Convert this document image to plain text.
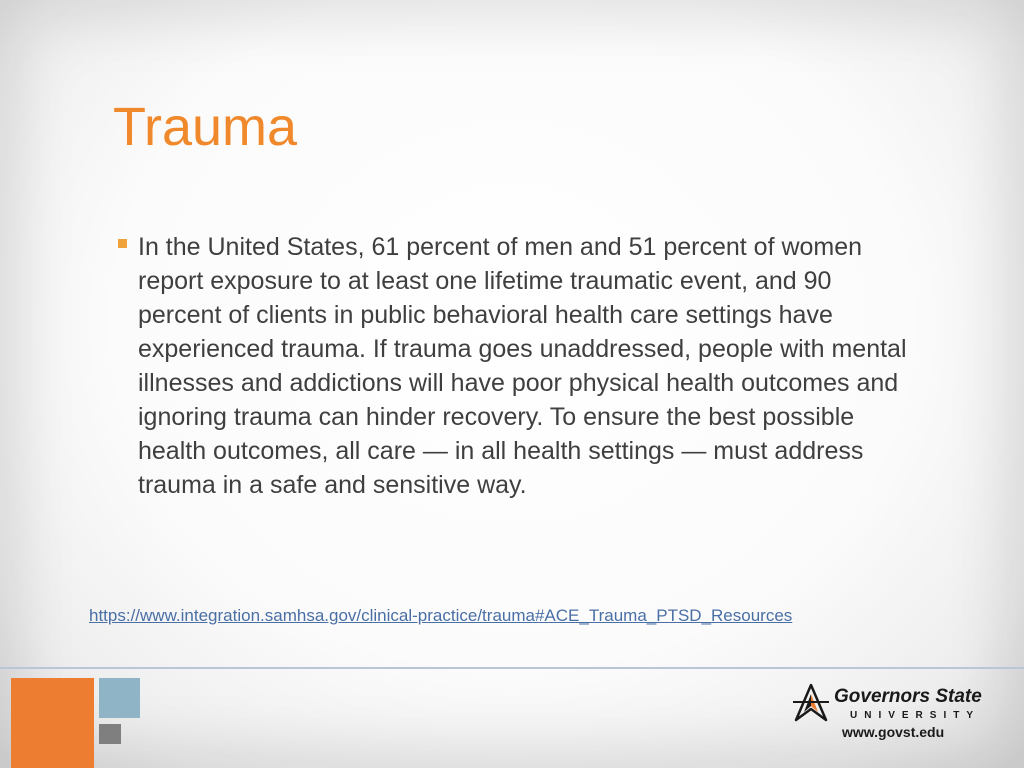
Trauma
In the United States, 61 percent of men and 51 percent of women report exposure to at least one lifetime traumatic event, and 90 percent of clients in public behavioral health care settings have experienced trauma. If trauma goes unaddressed, people with mental illnesses and addictions will have poor physical health outcomes and ignoring trauma can hinder recovery. To ensure the best possible health outcomes, all care — in all health settings — must address trauma in a safe and sensitive way.
https://www.integration.samhsa.gov/clinical-practice/trauma#ACE_Trauma_PTSD_Resources
Governors State
UNIVERSITY
www.govst.edu
